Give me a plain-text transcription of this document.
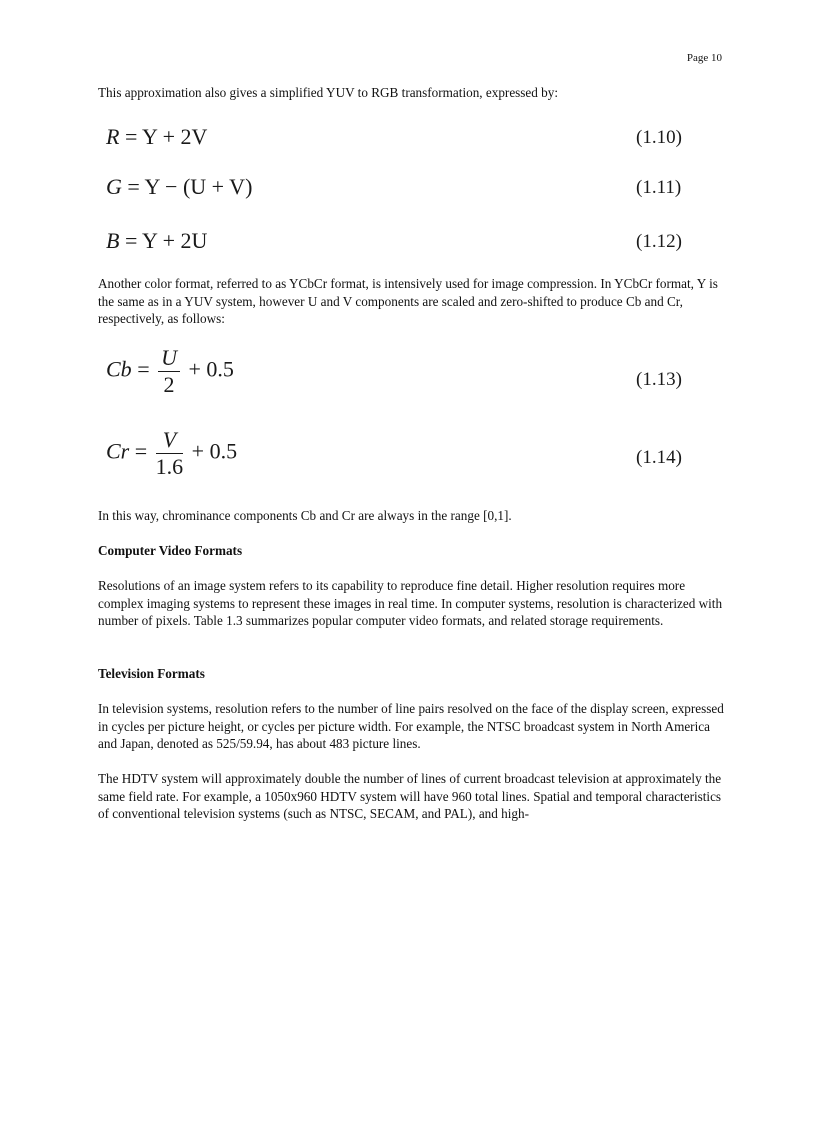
Page 10

This approximation also gives a simplified YUV to RGB transformation, expressed by:

R = Y + 2V	(1.10)
G = Y − (U + V)	(1.11)
B = Y + 2U	(1.12)

Another color format, referred to as YCbCr format, is intensively used for image compression. In YCbCr format, Y is the same as in a YUV system, however U and V components are scaled and zero-shifted to produce Cb and Cr, respectively, as follows:

$Cb = \frac{U}{2} + 0.5$	(1.13)
$Cr = \frac{V}{1.6} + 0.5$	(1.14)

In this way, chrominance components Cb and Cr are always in the range [0,1].

Computer Video Formats

Resolutions of an image system refers to its capability to reproduce fine detail. Higher resolution requires more complex imaging systems to represent these images in real time. In computer systems, resolution is characterized with number of pixels. Table 1.3 summarizes popular computer video formats, and related storage requirements.

Television Formats

In television systems, resolution refers to the number of line pairs resolved on the face of the display screen, expressed in cycles per picture height, or cycles per picture width. For example, the NTSC broadcast system in North America and Japan, denoted as 525/59.94, has about 483 picture lines.

The HDTV system will approximately double the number of lines of current broadcast television at approximately the same field rate. For example, a 1050x960 HDTV system will have 960 total lines. Spatial and temporal characteristics of conventional television systems (such as NTSC, SECAM, and PAL), and high-
